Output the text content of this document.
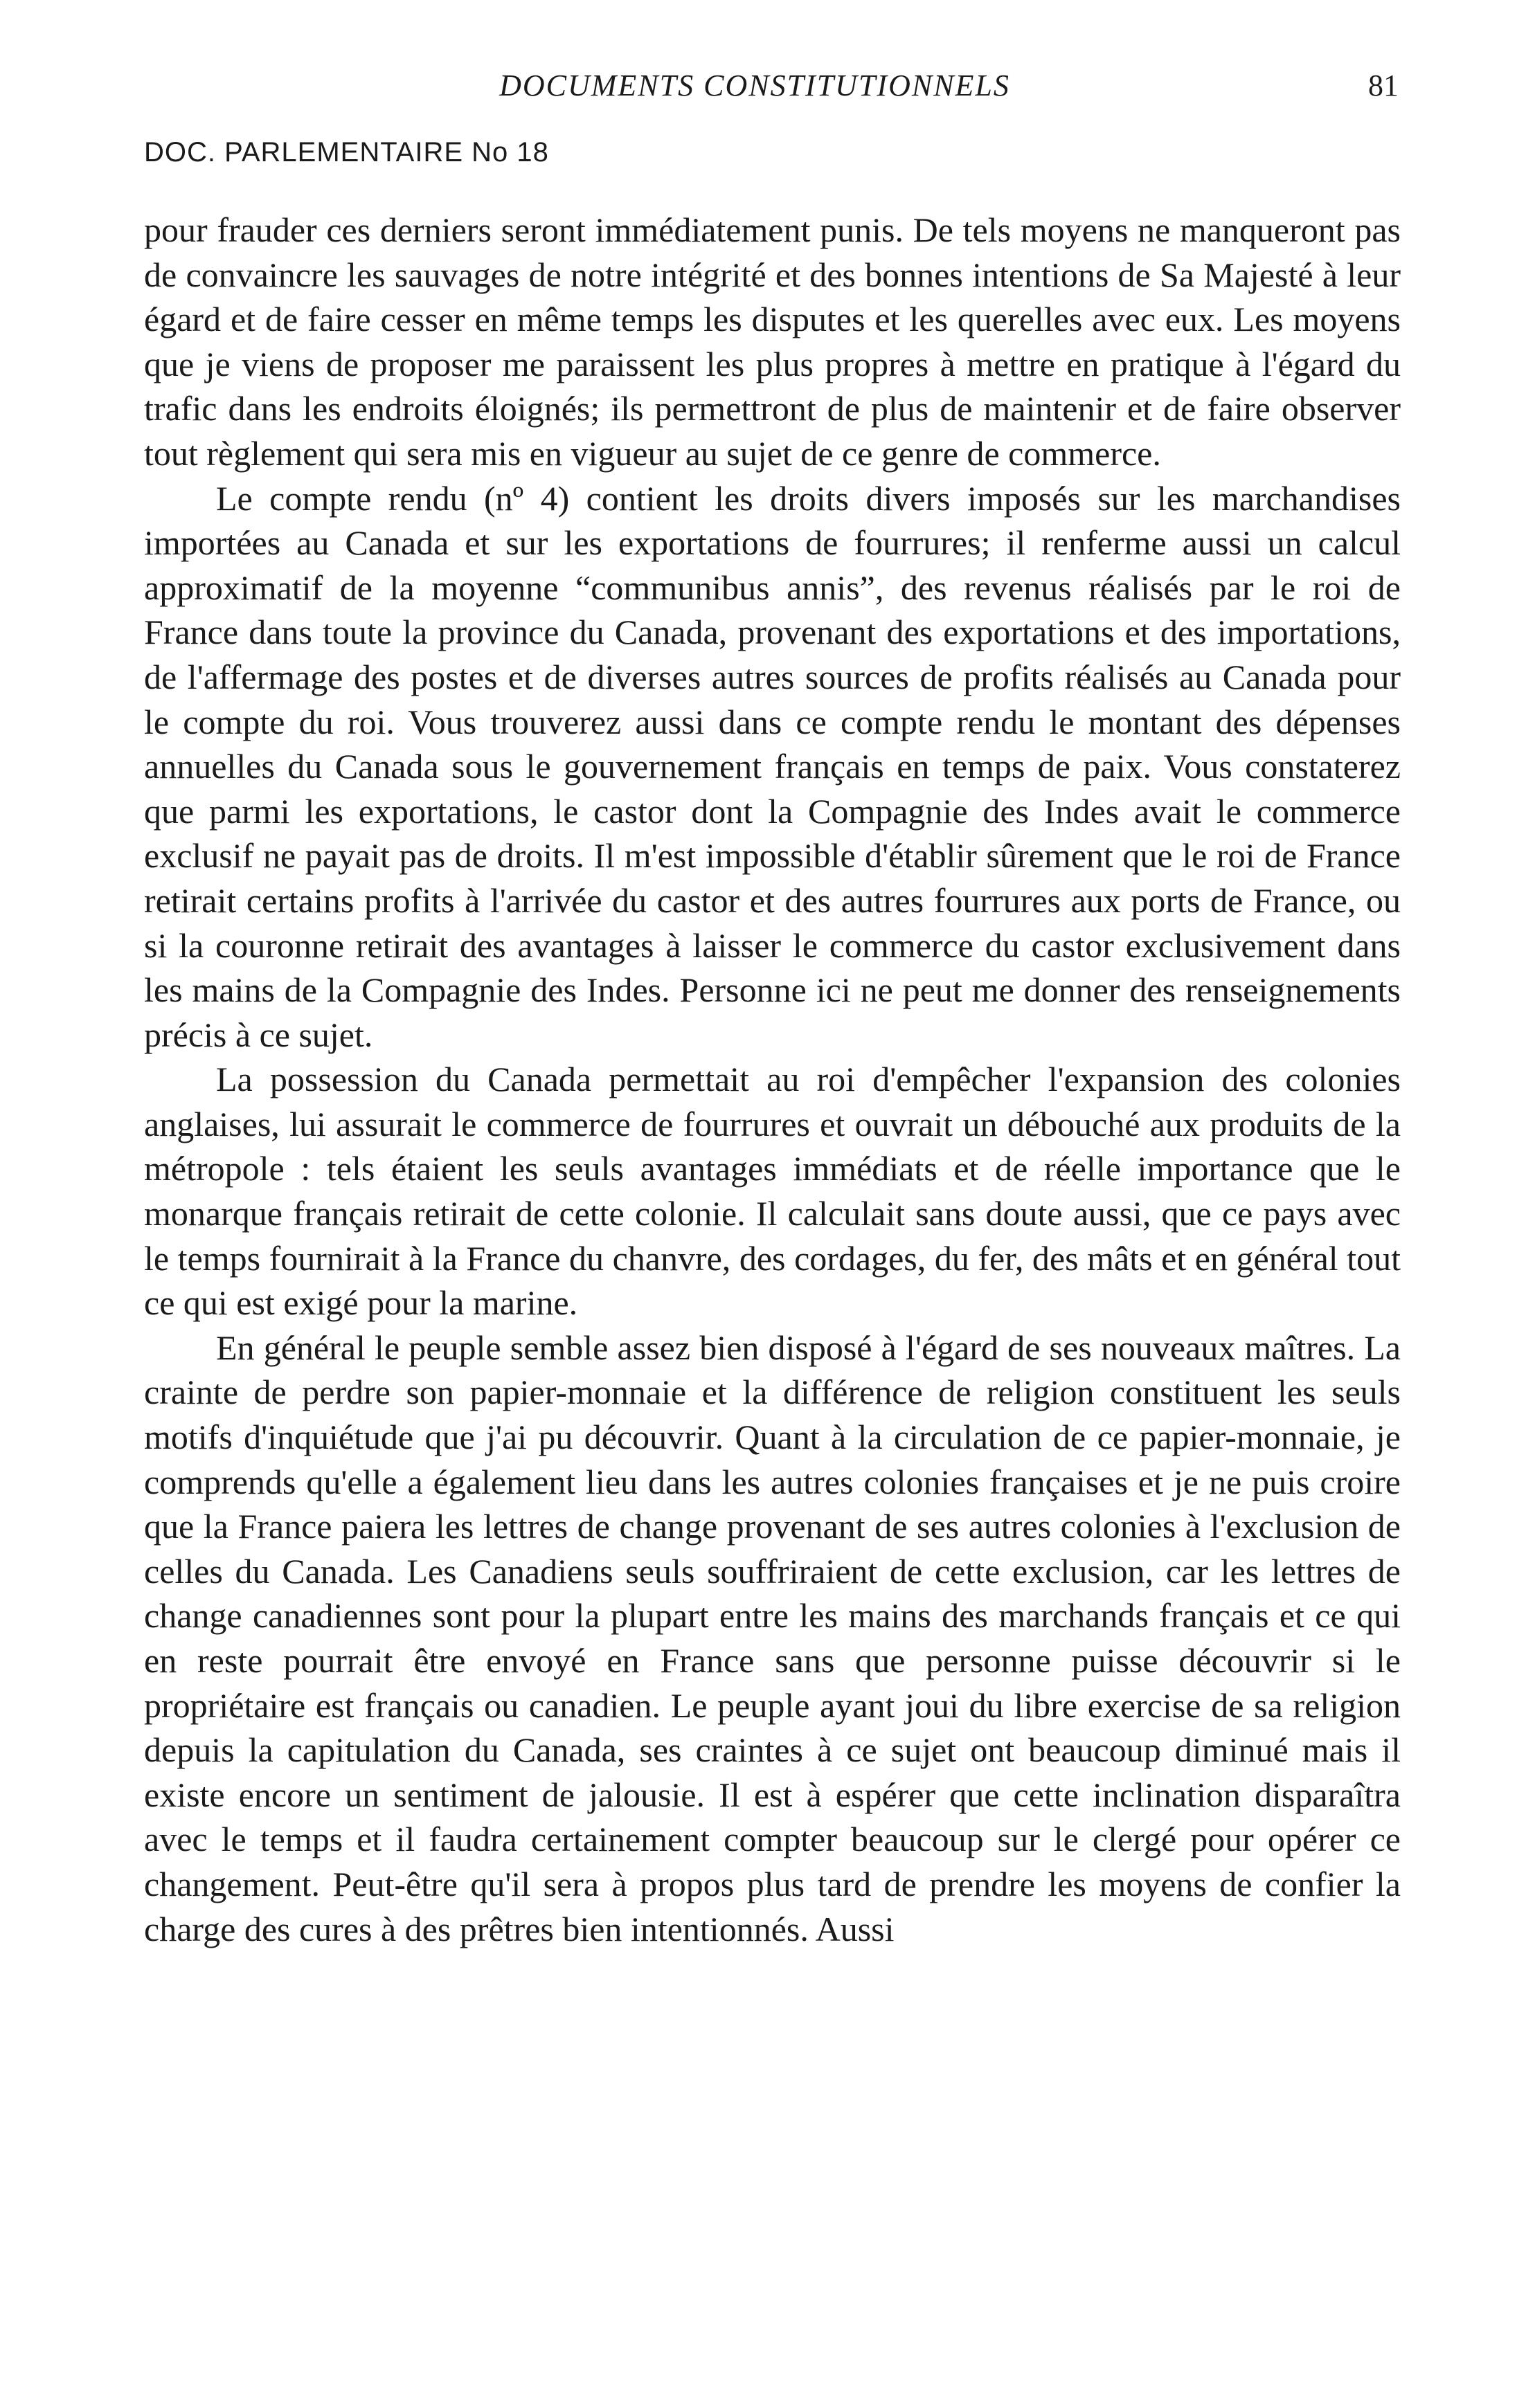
DOCUMENTS CONSTITUTIONNELS	81
DOC. PARLEMENTAIRE No 18

pour frauder ces derniers seront immédiatement punis. De tels moyens ne manqueront pas de convaincre les sauvages de notre intégrité et des bonnes intentions de Sa Majesté à leur égard et de faire cesser en même temps les disputes et les querelles avec eux. Les moyens que je viens de proposer me paraissent les plus propres à mettre en pratique à l'égard du trafic dans les endroits éloignés; ils permettront de plus de maintenir et de faire observer tout règlement qui sera mis en vigueur au sujet de ce genre de commerce.

Le compte rendu (nº 4) contient les droits divers imposés sur les marchandises importées au Canada et sur les exportations de fourrures; il renferme aussi un calcul approximatif de la moyenne “communibus annis”, des revenus réalisés par le roi de France dans toute la province du Canada, provenant des exportations et des importations, de l'affermage des postes et de diverses autres sources de profits réalisés au Canada pour le compte du roi. Vous trouverez aussi dans ce compte rendu le montant des dépenses annuelles du Canada sous le gouvernement français en temps de paix. Vous constaterez que parmi les exportations, le castor dont la Compagnie des Indes avait le commerce exclusif ne payait pas de droits. Il m'est impossible d'établir sûrement que le roi de France retirait certains profits à l'arrivée du castor et des autres fourrures aux ports de France, ou si la couronne retirait des avantages à laisser le commerce du castor exclusivement dans les mains de la Compagnie des Indes. Personne ici ne peut me donner des renseignements précis à ce sujet.

La possession du Canada permettait au roi d'empêcher l'expansion des colonies anglaises, lui assurait le commerce de fourrures et ouvrait un débouché aux produits de la métropole : tels étaient les seuls avantages immédiats et de réelle importance que le monarque français retirait de cette colonie. Il calculait sans doute aussi, que ce pays avec le temps fournirait à la France du chanvre, des cordages, du fer, des mâts et en général tout ce qui est exigé pour la marine.

En général le peuple semble assez bien disposé à l'égard de ses nouveaux maîtres. La crainte de perdre son papier-monnaie et la différence de religion constituent les seuls motifs d'inquiétude que j'ai pu découvrir. Quant à la circulation de ce papier-monnaie, je comprends qu'elle a également lieu dans les autres colonies françaises et je ne puis croire que la France paiera les lettres de change provenant de ses autres colonies à l'exclusion de celles du Canada. Les Canadiens seuls souffriraient de cette exclusion, car les lettres de change canadiennes sont pour la plupart entre les mains des marchands français et ce qui en reste pourrait être envoyé en France sans que personne puisse découvrir si le propriétaire est français ou canadien. Le peuple ayant joui du libre exercise de sa religion depuis la capitulation du Canada, ses craintes à ce sujet ont beaucoup diminué mais il existe encore un sentiment de jalousie. Il est à espérer que cette inclination disparaîtra avec le temps et il faudra certainement compter beaucoup sur le clergé pour opérer ce changement. Peut-être qu'il sera à propos plus tard de prendre les moyens de confier la charge des cures à des prêtres bien intentionnés. Aussi
